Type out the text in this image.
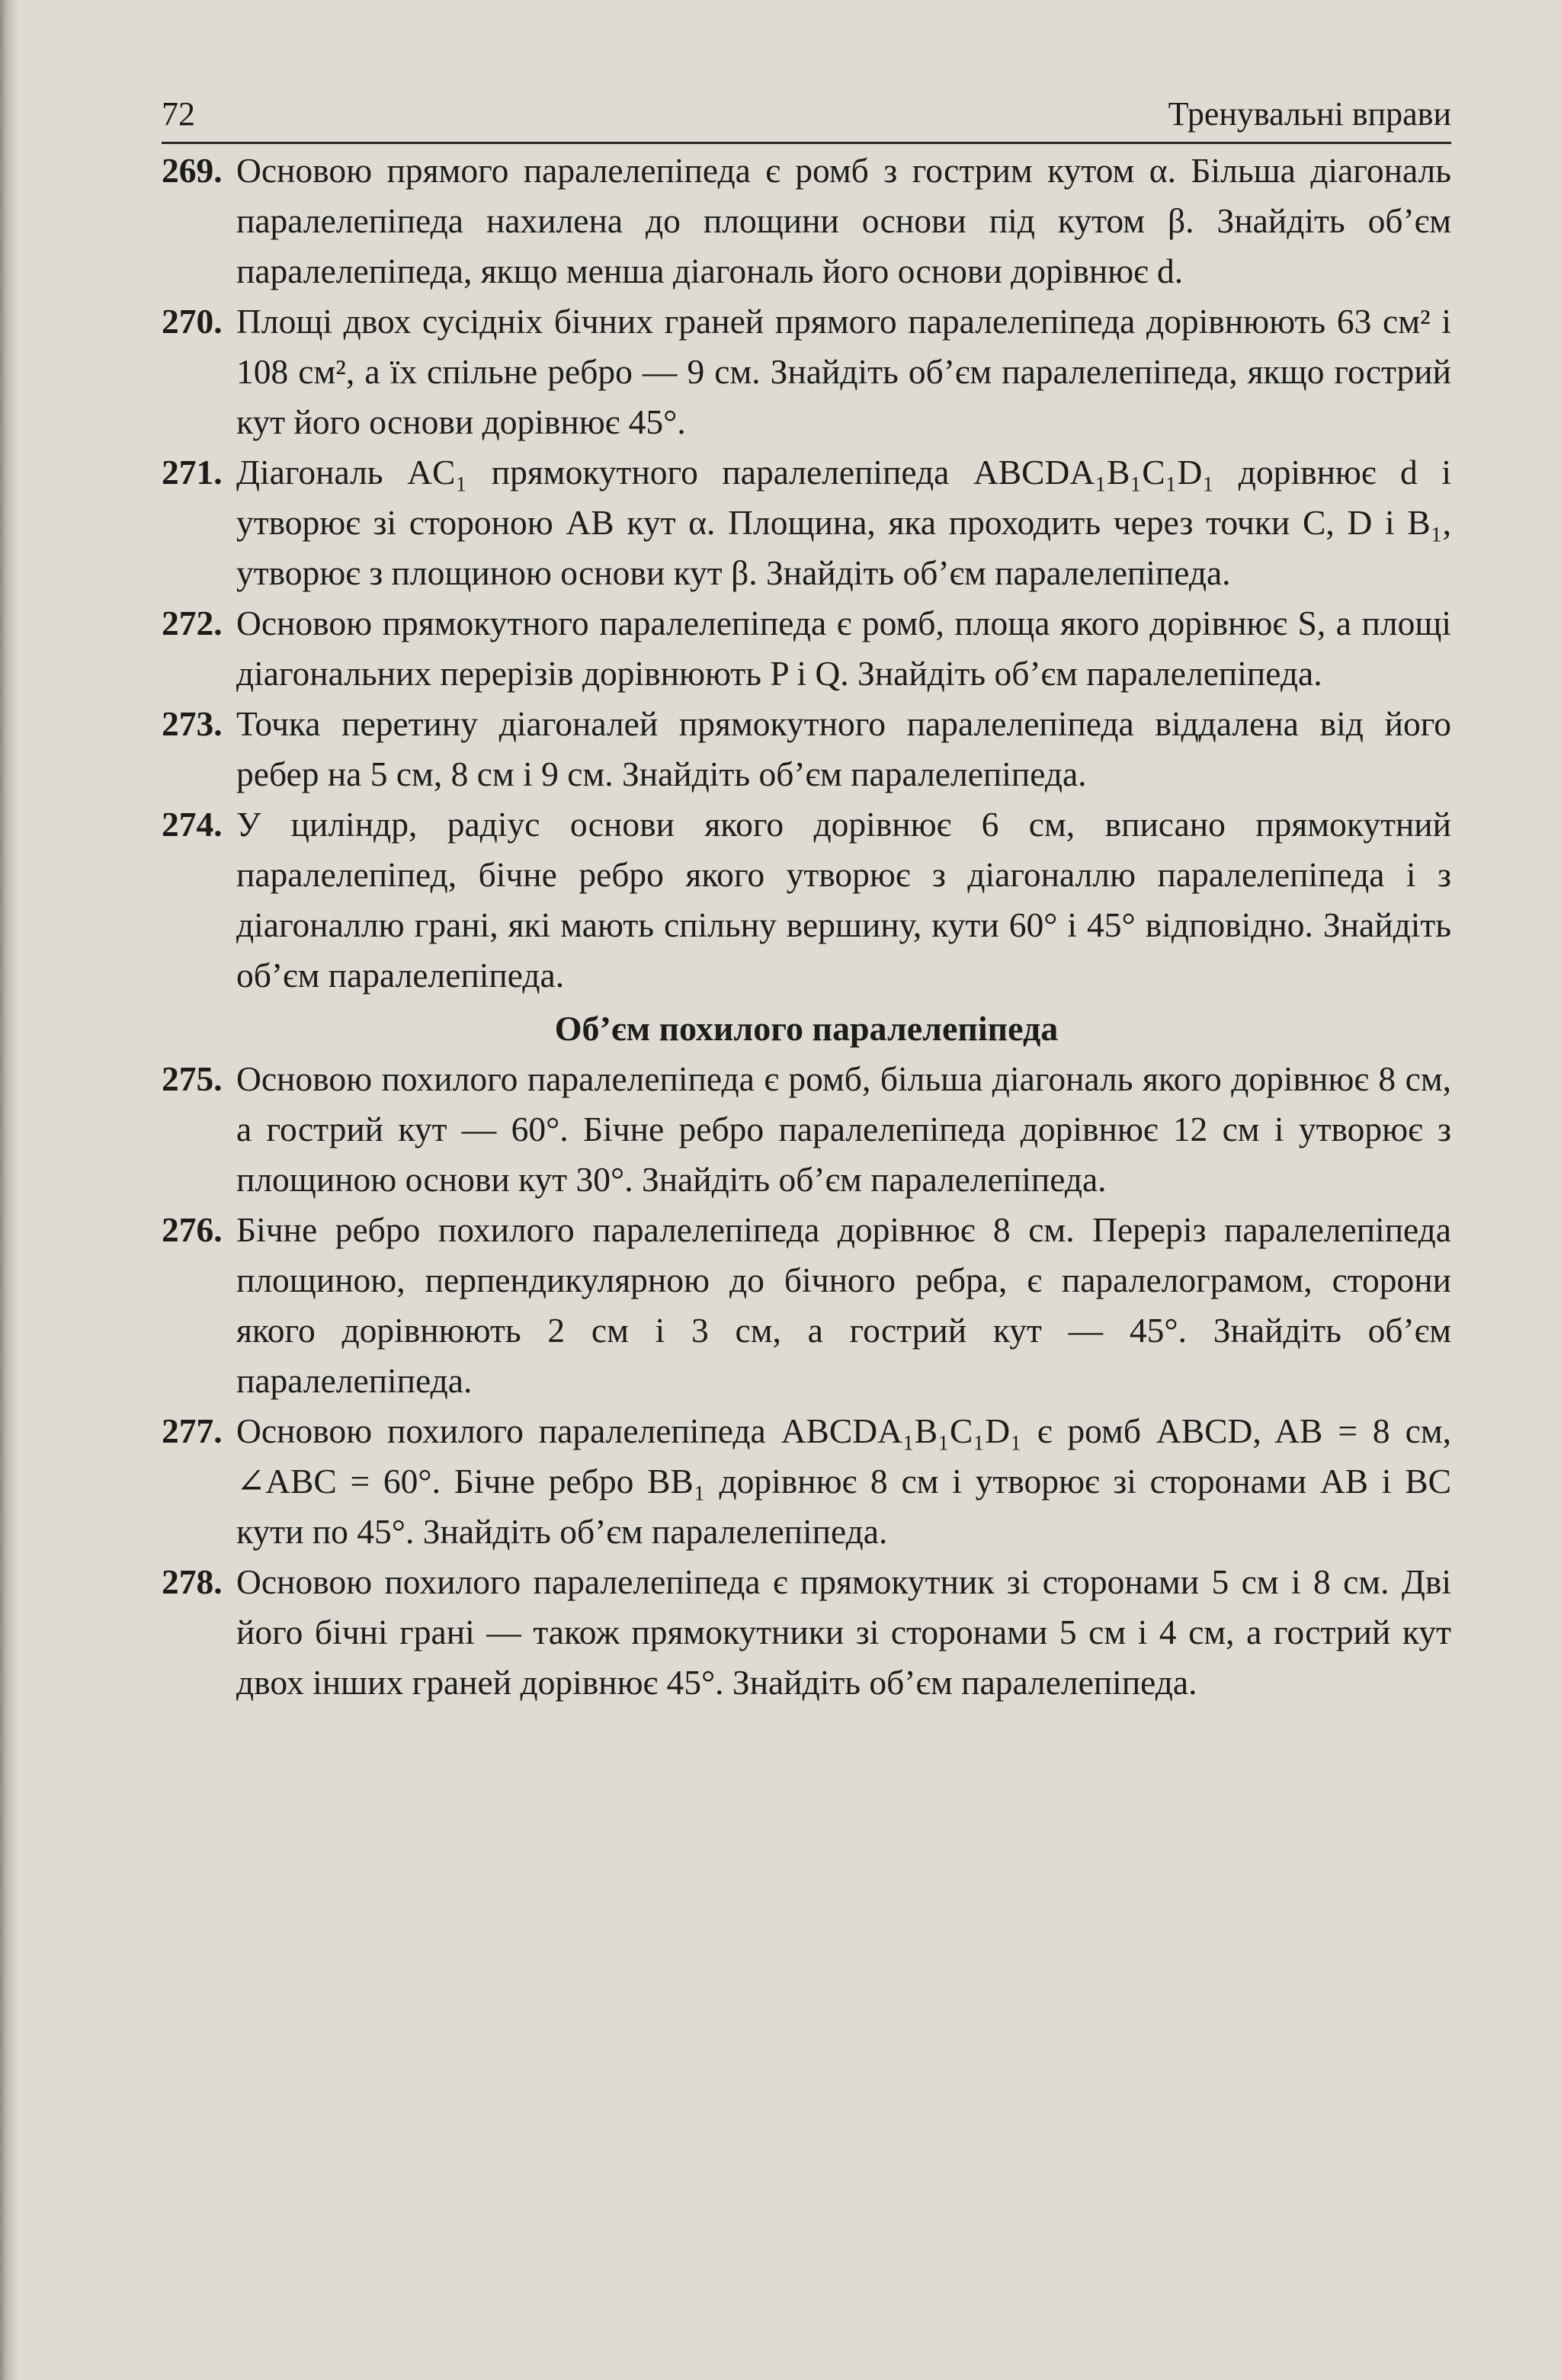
72	Тренувальні вправи
269. Основою прямого паралелепіпеда є ромб з гострим кутом α. Більша діагональ паралелепіпеда нахилена до площини основи під кутом β. Знайдіть об’єм паралелепіпеда, якщо менша діагональ його основи дорівнює d.
270. Площі двох сусідніх бічних граней прямого паралелепіпеда дорівнюють 63 см² і 108 см², а їх спільне ребро — 9 см. Знайдіть об’єм паралелепіпеда, якщо гострий кут його основи дорівнює 45°.
271. Діагональ AC₁ прямокутного паралелепіпеда ABCDA₁B₁C₁D₁ дорівнює d і утворює зі стороною AB кут α. Площина, яка проходить через точки C, D і B₁, утворює з площиною основи кут β. Знайдіть об’єм паралелепіпеда.
272. Основою прямокутного паралелепіпеда є ромб, площа якого дорівнює S, а площі діагональних перерізів дорівнюють P і Q. Знайдіть об’єм паралелепіпеда.
273. Точка перетину діагоналей прямокутного паралелепіпеда віддалена від його ребер на 5 см, 8 см і 9 см. Знайдіть об’єм паралелепіпеда.
274. У циліндр, радіус основи якого дорівнює 6 см, вписано прямокутний паралелепіпед, бічне ребро якого утворює з діагоналлю паралелепіпеда і з діагоналлю грані, які мають спільну вершину, кути 60° і 45° відповідно. Знайдіть об’єм паралелепіпеда.
Об’єм похилого паралелепіпеда
275. Основою похилого паралелепіпеда є ромб, більша діагональ якого дорівнює 8 см, а гострий кут — 60°. Бічне ребро паралелепіпеда дорівнює 12 см і утворює з площиною основи кут 30°. Знайдіть об’єм паралелепіпеда.
276. Бічне ребро похилого паралелепіпеда дорівнює 8 см. Переріз паралелепіпеда площиною, перпендикулярною до бічного ребра, є паралелограмом, сторони якого дорівнюють 2 см і 3 см, а гострий кут — 45°. Знайдіть об’єм паралелепіпеда.
277. Основою похилого паралелепіпеда ABCDA₁B₁C₁D₁ є ромб ABCD, AB = 8 см, ∠ABC = 60°. Бічне ребро BB₁ дорівнює 8 см і утворює зі сторонами AB і BC кути по 45°. Знайдіть об’єм паралелепіпеда.
278. Основою похилого паралелепіпеда є прямокутник зі сторонами 5 см і 8 см. Дві його бічні грані — також прямокутники зі сторонами 5 см і 4 см, а гострий кут двох інших граней дорівнює 45°. Знайдіть об’єм паралелепіпеда.
